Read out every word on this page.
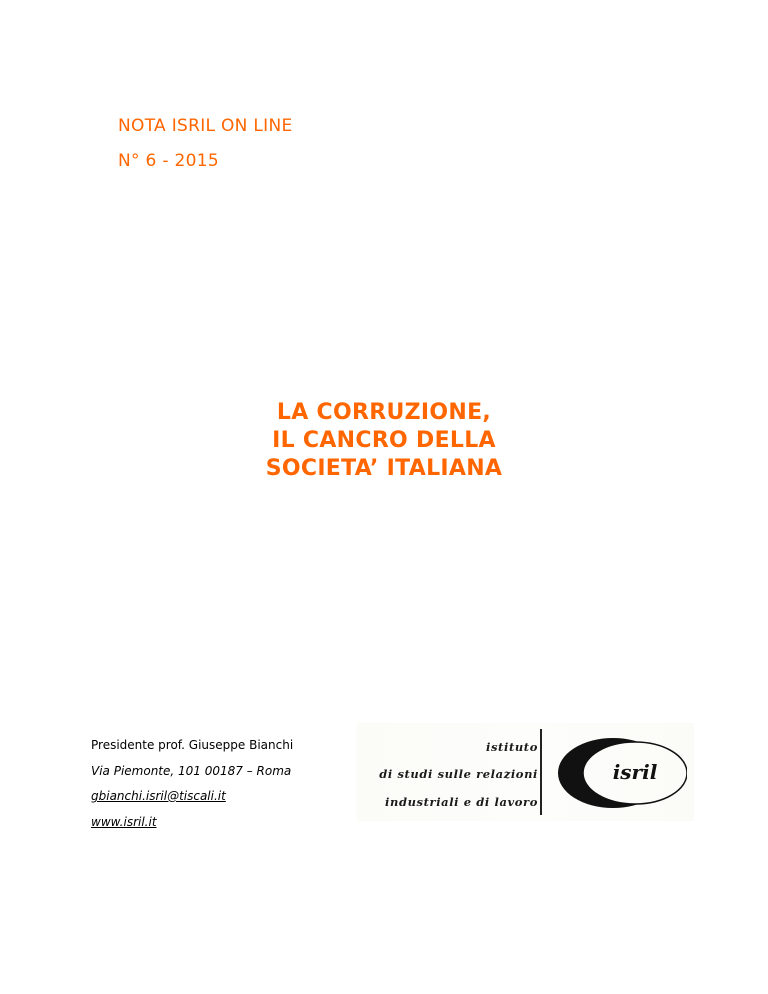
NOTA ISRIL ON LINE
N° 6 - 2015
LA CORRUZIONE,
IL CANCRO DELLA
SOCIETA’ ITALIANA
Presidente prof. Giuseppe Bianchi
Via Piemonte, 101 00187 – Roma
gbianchi.isril@tiscali.it
www.isril.it
istituto
di studi sulle relazioni
industriali e di lavoro
isril
